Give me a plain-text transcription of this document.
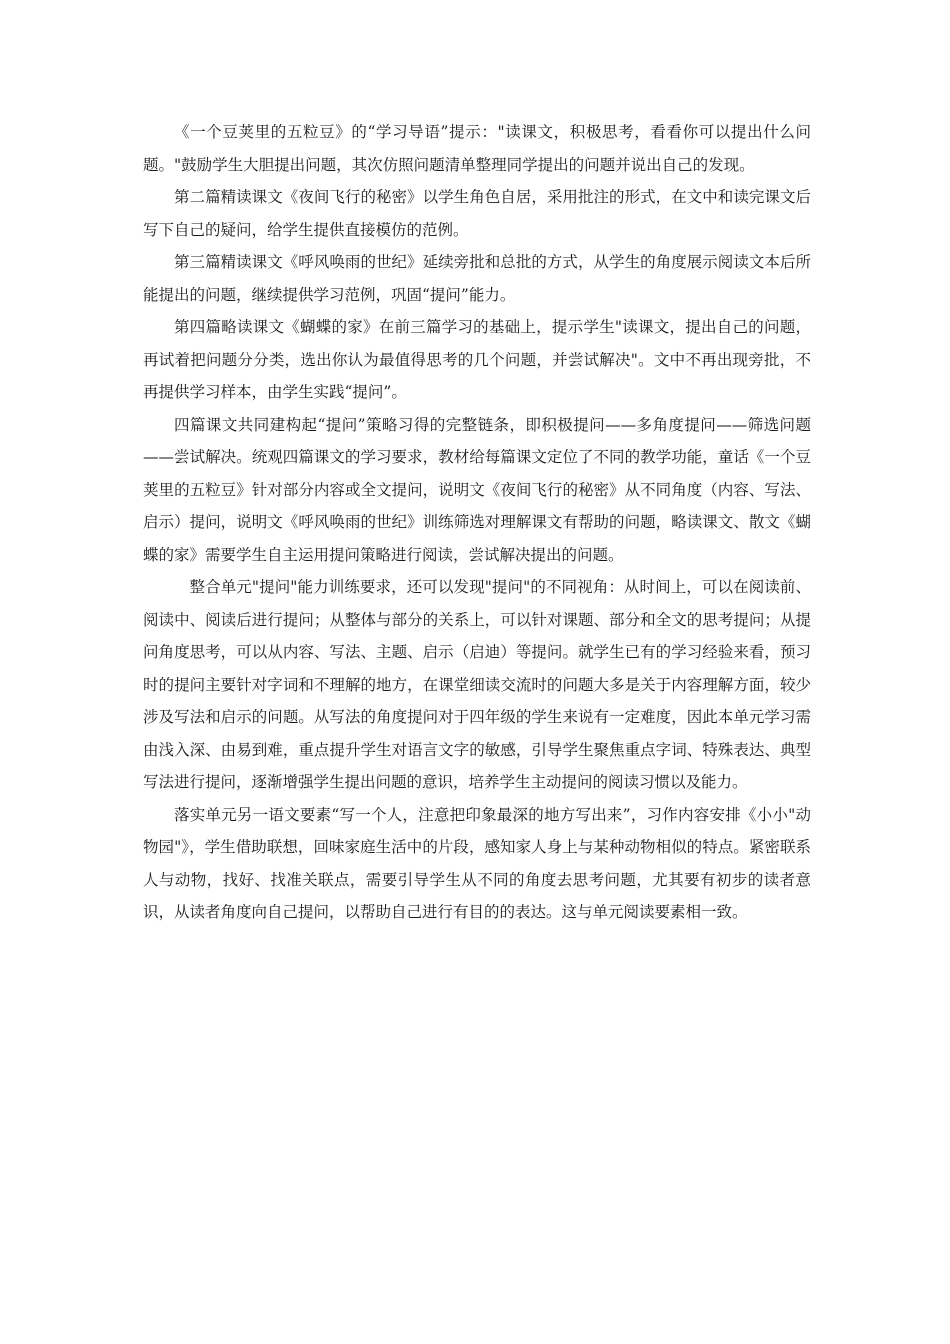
《一个豆荚里的五粒豆》的“学习导语”提示："读课文，积极思考，看看你可以提出什么问题。"鼓励学生大胆提出问题，其次仿照问题清单整理同学提出的问题并说出自己的发现。

第二篇精读课文《夜间飞行的秘密》以学生角色自居，采用批注的形式，在文中和读完课文后写下自己的疑问，给学生提供直接模仿的范例。

第三篇精读课文《呼风唤雨的世纪》延续旁批和总批的方式，从学生的角度展示阅读文本后所能提出的问题，继续提供学习范例，巩固“提问”能力。

第四篇略读课文《蝴蝶的家》在前三篇学习的基础上，提示学生"读课文，提出自己的问题，再试着把问题分分类，选出你认为最值得思考的几个问题，并尝试解决"。文中不再出现旁批，不再提供学习样本，由学生实践“提问”。

四篇课文共同建构起“提问”策略习得的完整链条，即积极提问——多角度提问——筛选问题——尝试解决。统观四篇课文的学习要求，教材给每篇课文定位了不同的教学功能，童话《一个豆荚里的五粒豆》针对部分内容或全文提问，说明文《夜间飞行的秘密》从不同角度（内容、写法、启示）提问，说明文《呼风唤雨的世纪》训练筛选对理解课文有帮助的问题，略读课文、散文《蝴蝶的家》需要学生自主运用提问策略进行阅读，尝试解决提出的问题。

整合单元"提问"能力训练要求，还可以发现"提问"的不同视角：从时间上，可以在阅读前、阅读中、阅读后进行提问；从整体与部分的关系上，可以针对课题、部分和全文的思考提问；从提问角度思考，可以从内容、写法、主题、启示（启迪）等提问。就学生已有的学习经验来看，预习时的提问主要针对字词和不理解的地方，在课堂细读交流时的问题大多是关于内容理解方面，较少涉及写法和启示的问题。从写法的角度提问对于四年级的学生来说有一定难度，因此本单元学习需由浅入深、由易到难，重点提升学生对语言文字的敏感，引导学生聚焦重点字词、特殊表达、典型写法进行提问，逐渐增强学生提出问题的意识，培养学生主动提问的阅读习惯以及能力。

落实单元另一语文要素“写一个人，注意把印象最深的地方写出来”，习作内容安排《小小"动物园"》，学生借助联想，回味家庭生活中的片段，感知家人身上与某种动物相似的特点。紧密联系人与动物，找好、找准关联点，需要引导学生从不同的角度去思考问题，尤其要有初步的读者意识，从读者角度向自己提问，以帮助自己进行有目的的表达。这与单元阅读要素相一致。
